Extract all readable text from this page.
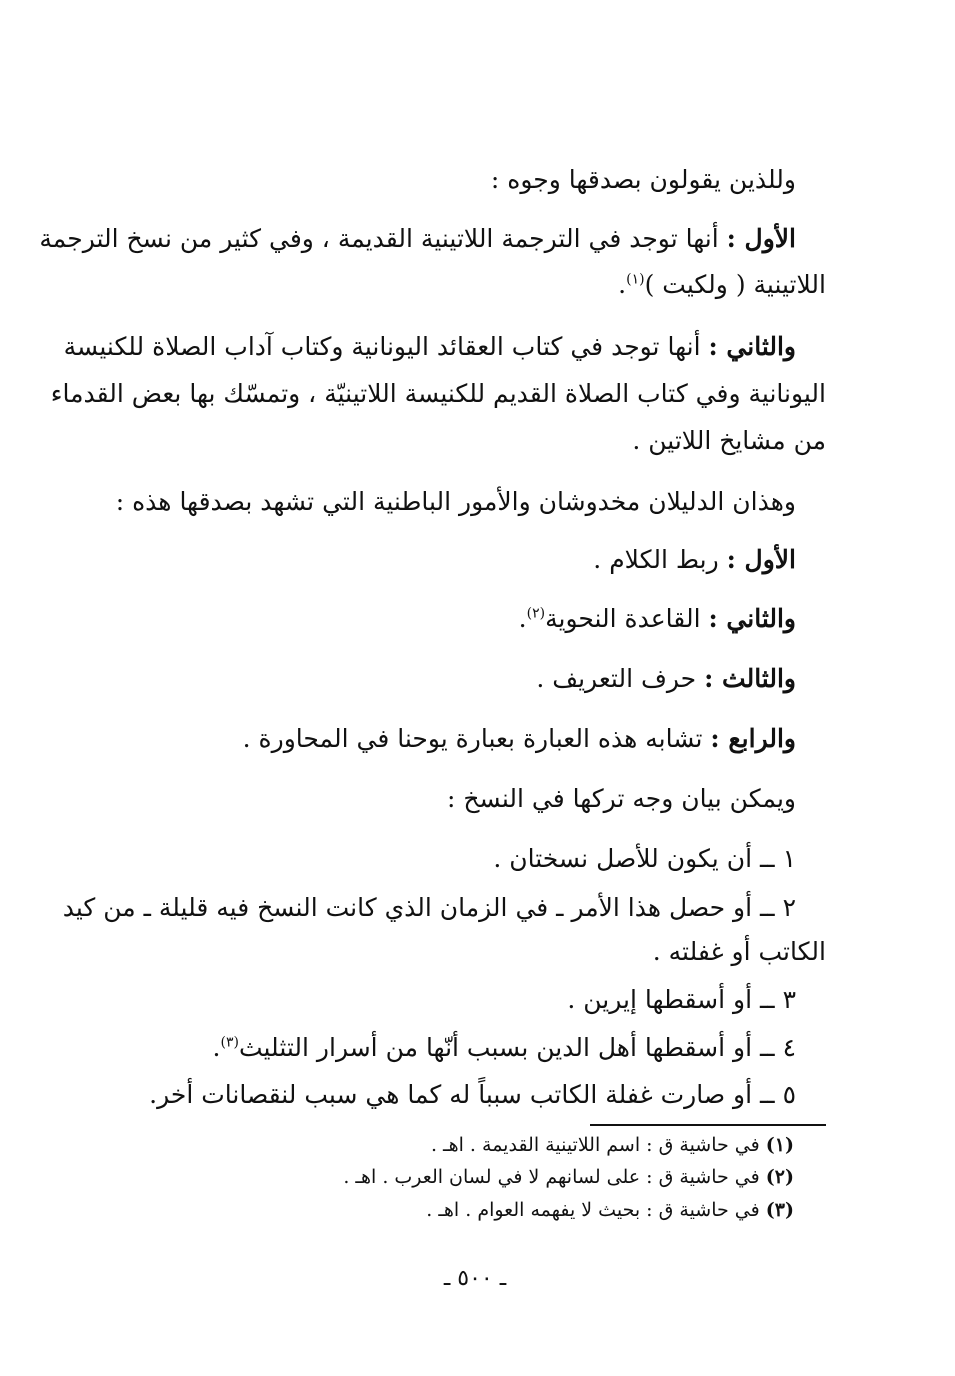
وللذين يقولون بصدقها وجوه :
الأول : أنها توجد في الترجمة اللاتينية القديمة ، وفي كثير من نسخ الترجمة
اللاتينية ( ولكيت )$^{(١)}$.
والثاني : أنها توجد في كتاب العقائد اليونانية وكتاب آداب الصلاة للكنيسة
اليونانية وفي كتاب الصلاة القديم للكنيسة اللاتينيّة ، وتمسّك بها بعض القدماء
من مشايخ اللاتين .
وهذان الدليلان مخدوشان والأمور الباطنية التي تشهد بصدقها هذه :
الأول : ربط الكلام .
والثاني : القاعدة النحوية$^{(٢)}$.
والثالث : حرف التعريف .
والرابع : تشابه هذه العبارة بعبارة يوحنا في المحاورة .
ويمكن بيان وجه تركها في النسخ :
١ ــ أن يكون للأصل نسختان .
٢ ــ أو حصل هذا الأمر ـ في الزمان الذي كانت النسخ فيه قليلة ـ من كيد
الكاتب أو غفلته .
٣ ــ أو أسقطها إيرين .
٤ ــ أو أسقطها أهل الدين بسبب أنّها من أسرار التثليث$^{(٣)}$.
٥ ــ أو صارت غفلة الكاتب سبباً له كما هي سبب لنقصانات أخر.
(١) في حاشية ق : اسم اللاتينية القديمة . اهـ .
(٢) في حاشية ق : على لسانهم لا في لسان العرب . اهـ .
(٣) في حاشية ق : بحيث لا يفهمه العوام . اهـ .
ـ ٥٠٠ ـ
